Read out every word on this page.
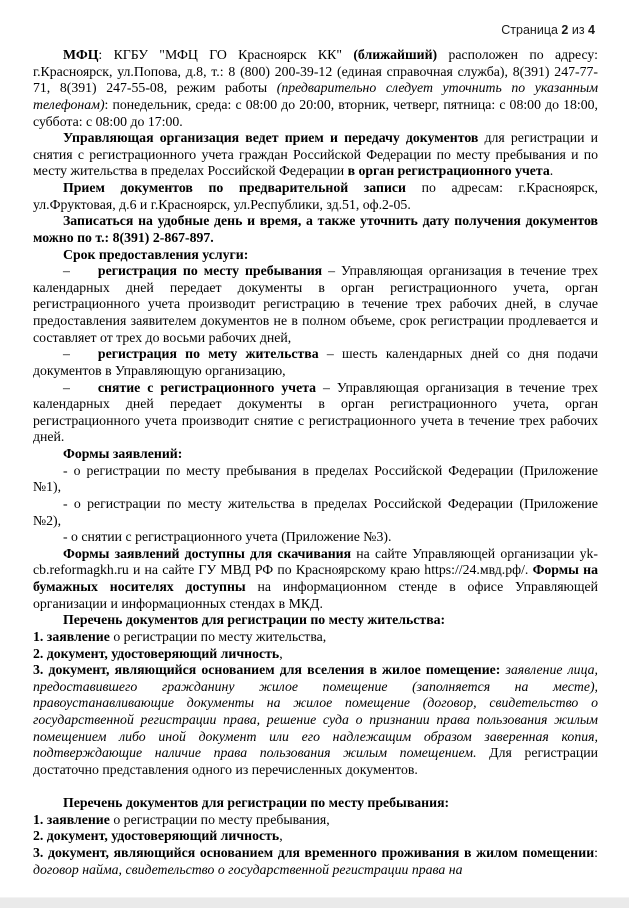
Страница 2 из 4

МФЦ: КГБУ "МФЦ ГО Красноярск КК" (ближайший) расположен по адресу: г.Красноярск, ул.Попова, д.8, т.: 8 (800) 200-39-12 (единая справочная служба), 8(391) 247-77-71, 8(391) 247-55-08, режим работы (предварительно следует уточнить по указанным телефонам): понедельник, среда: с 08:00 до 20:00, вторник, четверг, пятница: с 08:00 до 18:00, суббота: с 08:00 до 17:00.

Управляющая организация ведет прием и передачу документов для регистрации и снятия с регистрационного учета граждан Российской Федерации по месту пребывания и по месту жительства в пределах Российской Федерации в орган регистрационного учета.

Прием документов по предварительной записи по адресам: г.Красноярск, ул.Фруктовая, д.6 и г.Красноярск, ул.Республики, зд.51, оф.2-05.

Записаться на удобные день и время, а также уточнить дату получения документов можно по т.: 8(391) 2-867-897.

Срок предоставления услуги:

– регистрация по месту пребывания – Управляющая организация в течение трех календарных дней передает документы в орган регистрационного учета, орган регистрационного учета производит регистрацию в течение трех рабочих дней, в случае предоставления заявителем документов не в полном объеме, срок регистрации продлевается и составляет от трех до восьми рабочих дней,

– регистрация по мету жительства – шесть календарных дней со дня подачи документов в Управляющую организацию,

– снятие с регистрационного учета – Управляющая организация в течение трех календарных дней передает документы в орган регистрационного учета, орган регистрационного учета производит снятие с регистрационного учета в течение трех рабочих дней.

Формы заявлений:

- о регистрации по месту пребывания в пределах Российской Федерации (Приложение №1),

- о регистрации по месту жительства в пределах Российской Федерации (Приложение №2),

- о снятии с регистрационного учета (Приложение №3).

Формы заявлений доступны для скачивания на сайте Управляющей организации yk-cb.reformagkh.ru и на сайте ГУ МВД РФ по Красноярскому краю https://24.мвд.рф/. Формы на бумажных носителях доступны на информационном стенде в офисе Управляющей организации и информационных стендах в МКД.

Перечень документов для регистрации по месту жительства:

1. заявление о регистрации по месту жительства,

2. документ, удостоверяющий личность,

3. документ, являющийся основанием для вселения в жилое помещение: заявление лица, предоставившего гражданину жилое помещение (заполняется на месте), правоустанавливающие документы на жилое помещение (договор, свидетельство о государственной регистрации права, решение суда о признании права пользования жилым помещением либо иной документ или его надлежащим образом заверенная копия, подтверждающие наличие права пользования жилым помещением. Для регистрации достаточно представления одного из перечисленных документов.

Перечень документов для регистрации по месту пребывания:

1. заявление о регистрации по месту пребывания,

2. документ, удостоверяющий личность,

3. документ, являющийся основанием для временного проживания в жилом помещении: договор найма, свидетельство о государственной регистрации права на
